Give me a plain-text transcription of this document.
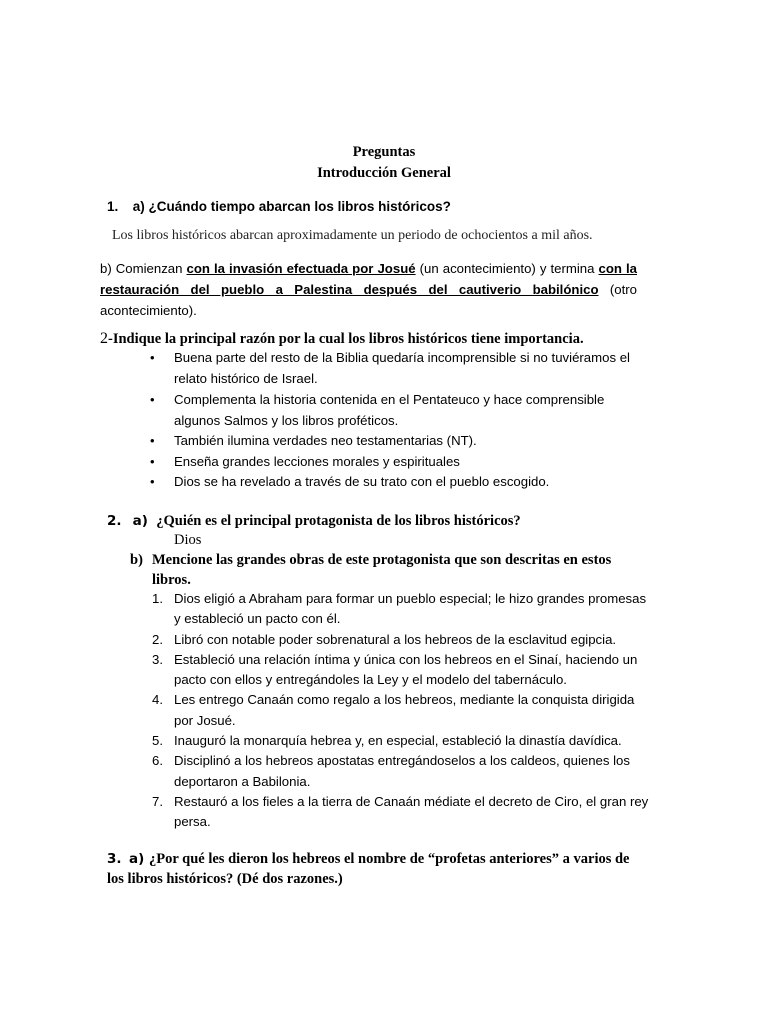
Preguntas
Introducción General
1. a) ¿Cuándo tiempo abarcan los libros históricos?
Los libros históricos abarcan aproximadamente un periodo de ochocientos a mil años.
b) Comienzan con la invasión efectuada por Josué (un acontecimiento) y termina con la restauración del pueblo a Palestina después del cautiverio babilónico (otro acontecimiento).
2-Indique la principal razón por la cual los libros históricos tiene importancia.
• Buena parte del resto de la Biblia quedaría incomprensible si no tuviéramos el relato histórico de Israel.
• Complementa la historia contenida en el Pentateuco y hace comprensible algunos Salmos y los libros proféticos.
• También ilumina verdades neo testamentarias (NT).
• Enseña grandes lecciones morales y espirituales
• Dios se ha revelado a través de su trato con el pueblo escogido.
2. a) ¿Quién es el principal protagonista de los libros históricos?
Dios
b) Mencione las grandes obras de este protagonista que son descritas en estos
libros.
1. Dios eligió a Abraham para formar un pueblo especial; le hizo grandes promesas y estableció un pacto con él.
2. Libró con notable poder sobrenatural a los hebreos de la esclavitud egipcia.
3. Estableció una relación íntima y única con los hebreos en el Sinaí, haciendo un pacto con ellos y entregándoles la Ley y el modelo del tabernáculo.
4. Les entrego Canaán como regalo a los hebreos, mediante la conquista dirigida por Josué.
5. Inauguró la monarquía hebrea y, en especial, estableció la dinastía davídica.
6. Disciplinó a los hebreos apostatas entregándoselos a los caldeos, quienes los deportaron a Babilonia.
7. Restauró a los fieles a la tierra de Canaán médiate el decreto de Ciro, el gran rey persa.
3. a) ¿Por qué les dieron los hebreos el nombre de “profetas anteriores” a varios de
los libros históricos? (Dé dos razones.)
